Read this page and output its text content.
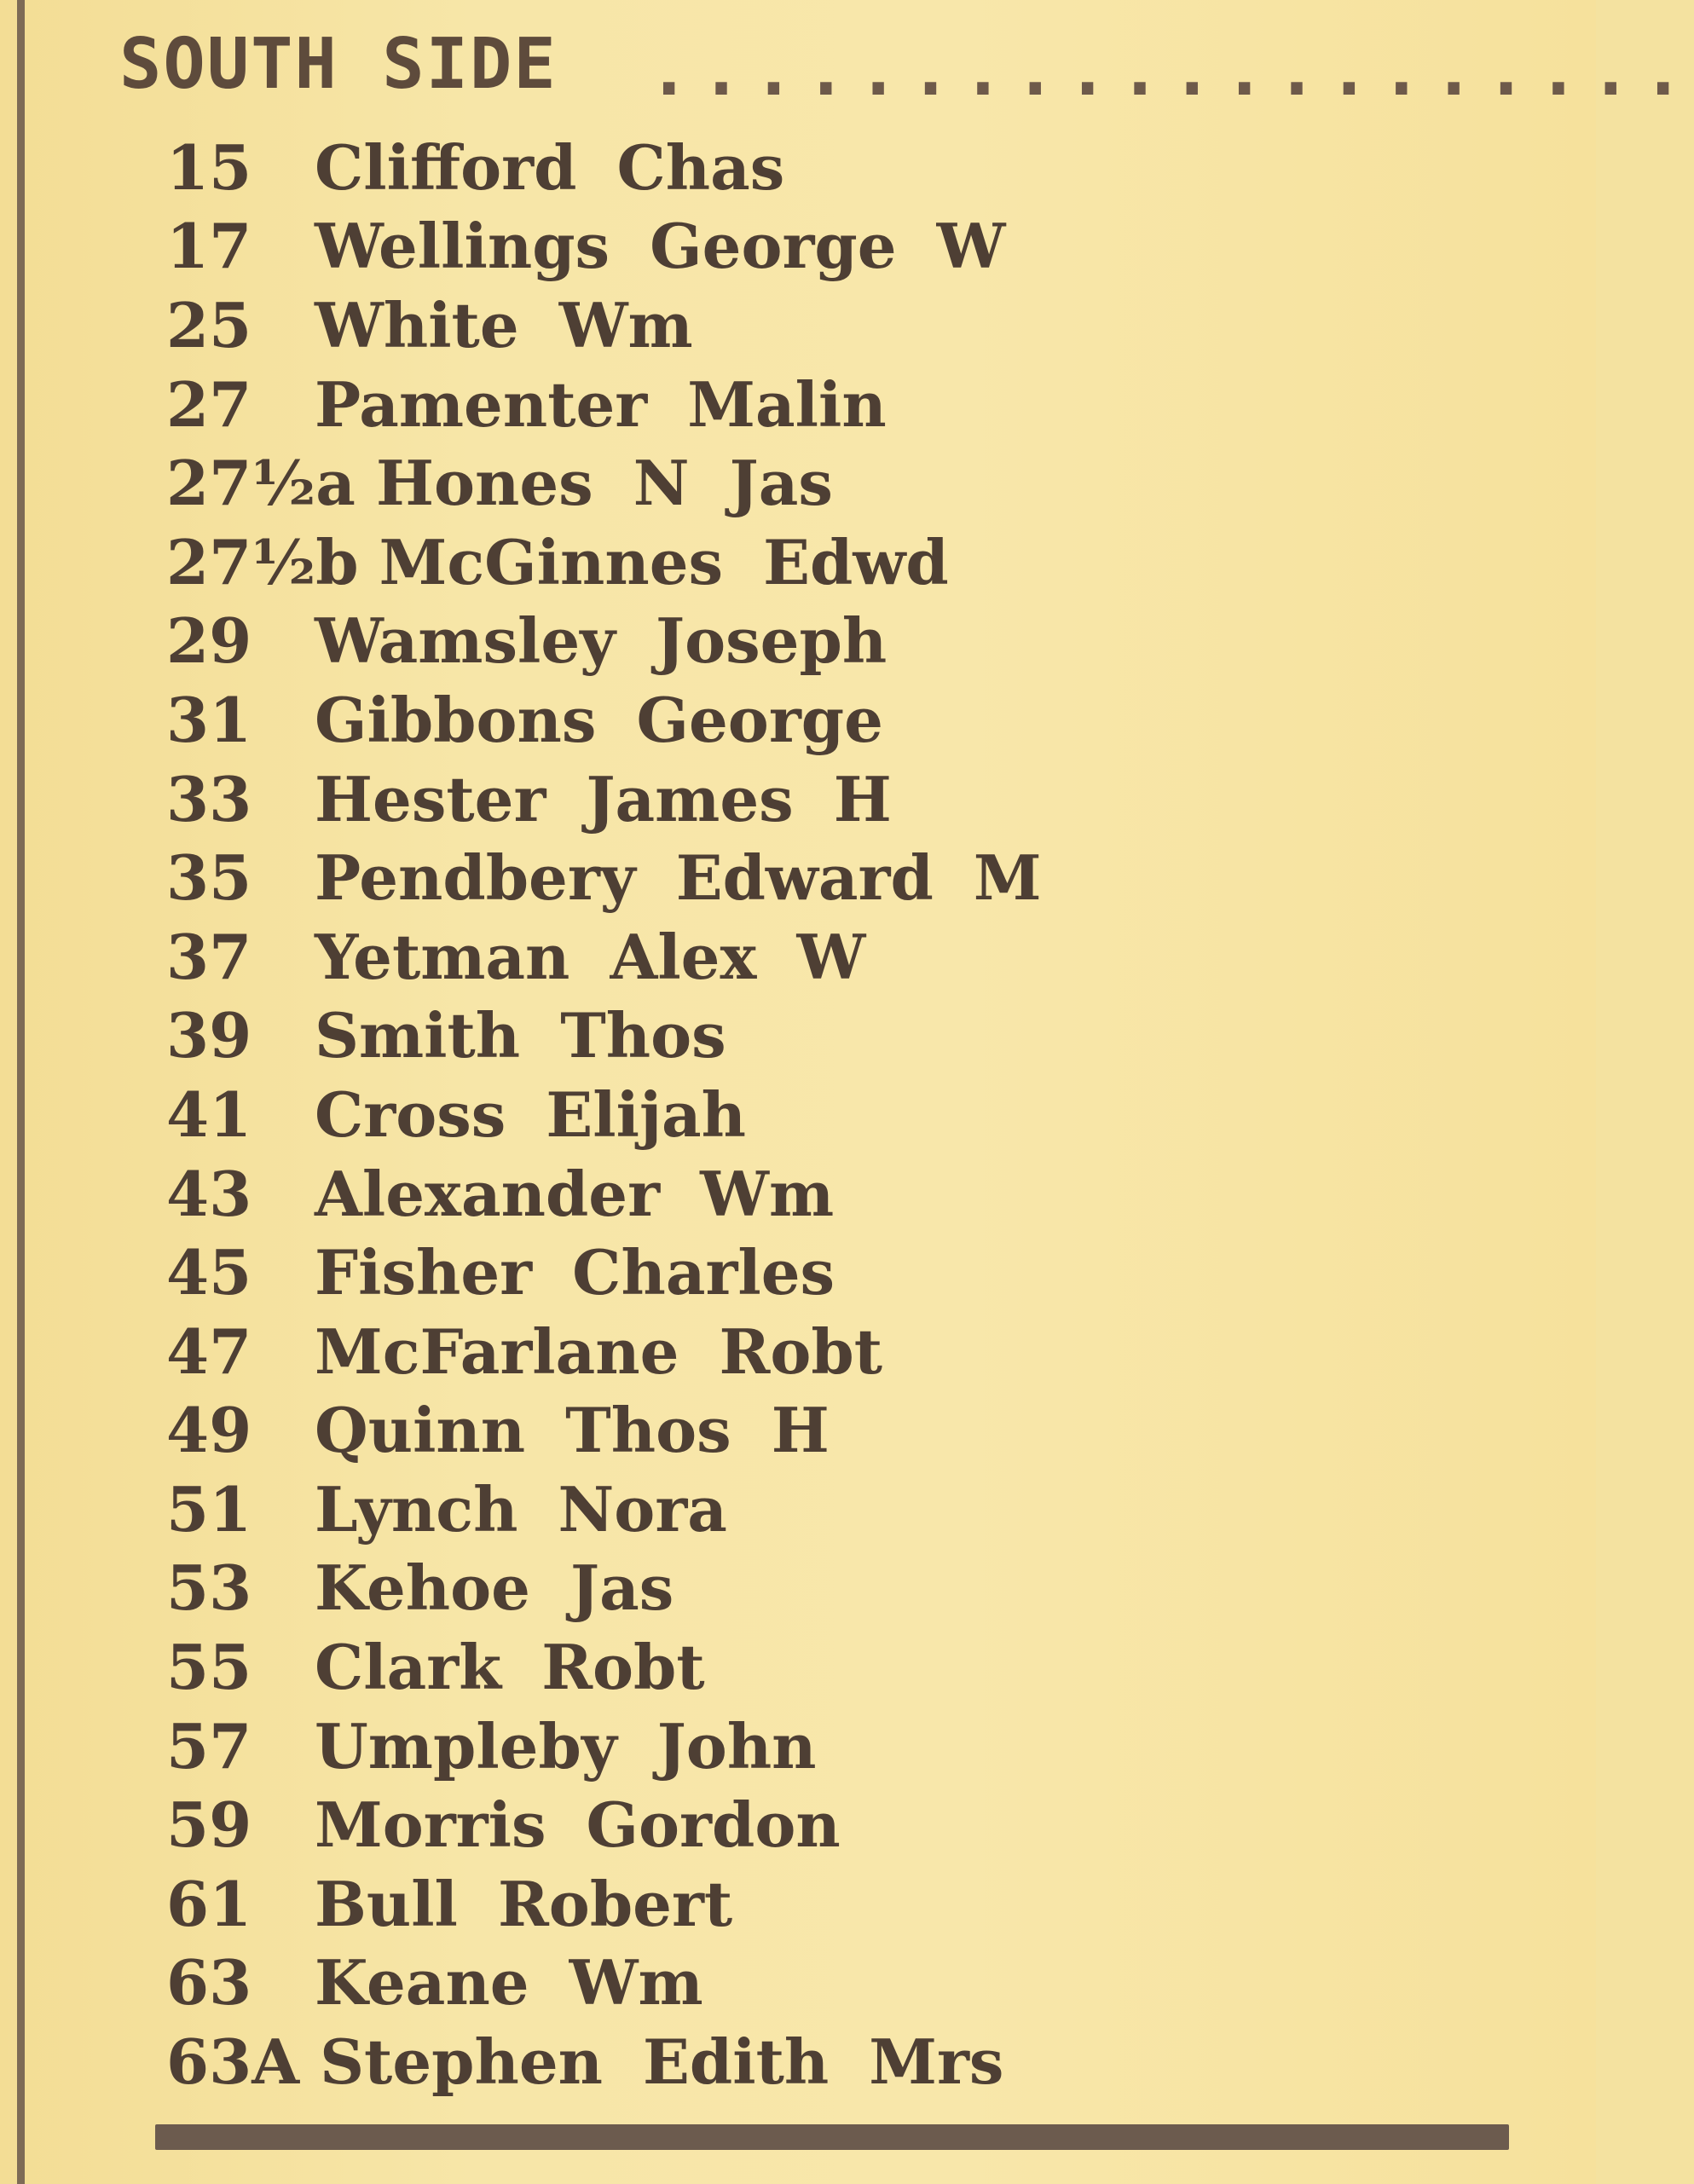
SOUTH SIDE ....................
15	Clifford Chas
17	Wellings George W
25	White Wm
27	Pamenter Malin
27½a Hones N Jas
27½b McGinnes Edwd
29	Wamsley Joseph
31	Gibbons George
33	Hester James H
35	Pendbery Edward M
37	Yetman Alex W
39	Smith Thos
41	Cross Elijah
43	Alexander Wm
45	Fisher Charles
47	McFarlane Robt
49	Quinn Thos H
51	Lynch Nora
53	Kehoe Jas
55	Clark Robt
57	Umpleby John
59	Morris Gordon
61	Bull Robert
63	Keane Wm
63A Stephen Edith Mrs
